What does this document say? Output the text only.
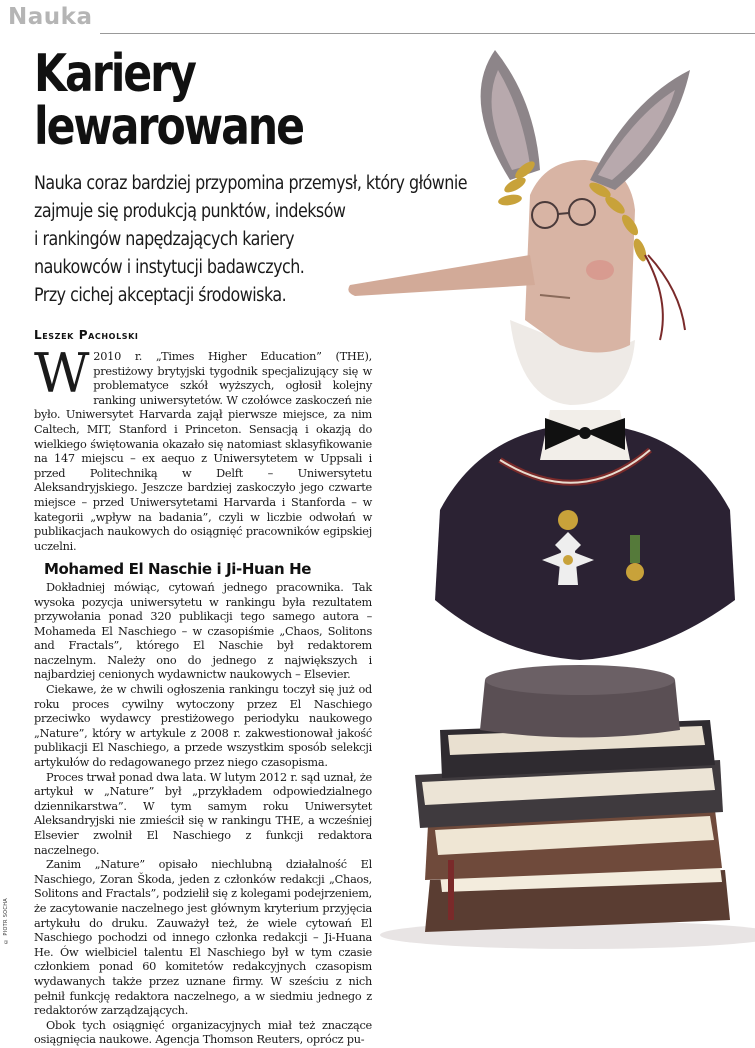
Nauka
Kariery
lewarowane
Nauka coraz bardziej przypomina przemysł, który głównie
zajmuje się produkcją punktów, indeksów
i rankingów napędzających kariery
naukowców i instytucji badawczych.
Przy cichej akceptacji środowiska.
Leszek Pacholski

W 2010 r. „Times Higher Education” (THE), prestiżowy brytyjski tygodnik specjalizujący się w problematyce szkół wyższych, ogłosił kolejny ranking uniwersytetów. W czołówce zaskoczeń nie było. Uniwersytet Harvarda zajął pierwsze miejsce, za nim Caltech, MIT, Stanford i Princeton. Sensacją i okazją do wielkiego świętowania okazało się natomiast sklasyfikowanie na 147 miejscu – ex aequo z Uniwersytetem w Uppsali i przed Politechniką w Delft – Uniwersytetu Aleksandryjskiego. Jeszcze bardziej zaskoczyło jego czwarte miejsce – przed Uniwersytetami Harvarda i Stanforda – w kategorii „wpływ na badania”, czyli w liczbie odwołań w publikacjach naukowych do osiągnięć pracowników egipskiej uczelni.

Mohamed El Naschie i Ji-Huan He

Dokładniej mówiąc, cytowań jednego pracownika. Tak wysoka pozycja uniwersytetu w rankingu była rezultatem przywołania ponad 320 publikacji tego samego autora – Mohameda El Naschiego – w czasopiśmie „Chaos, Solitons and Fractals”, którego El Naschie był redaktorem naczelnym. Należy ono do jednego z największych i najbardziej cenionych wydawnictw naukowych – Elsevier.

Ciekawe, że w chwili ogłoszenia rankingu toczył się już od roku proces cywilny wytoczony przez El Naschiego przeciwko wydawcy prestiżowego periodyku naukowego „Nature”, który w artykule z 2008 r. zakwestionował jakość publikacji El Naschiego, a przede wszystkim sposób selekcji artykułów do redagowanego przez niego czasopisma.

Proces trwał ponad dwa lata. W lutym 2012 r. sąd uznał, że artykuł w „Nature” był „przykładem odpowiedzialnego dziennikarstwa”. W tym samym roku Uniwersytet Aleksandryjski nie zmieścił się w rankingu THE, a wcześniej Elsevier zwolnił El Naschiego z funkcji redaktora naczelnego.

Zanim „Nature” opisało niechlubną działalność El Naschiego, Zoran Škoda, jeden z członków redakcji „Chaos, Solitons and Fractals”, podzielił się z kolegami podejrzeniem, że zacytowanie naczelnego jest głównym kryterium przyjęcia artykułu do druku. Zauważył też, że wiele cytowań El Naschiego pochodzi od innego członka redakcji – Ji-Huana He. Ów wielbiciel talentu El Naschiego był w tym czasie członkiem ponad 60 komitetów redakcyjnych czasopism wydawanych także przez uznane firmy. W sześciu z nich pełnił funkcję redaktora naczelnego, a w siedmiu jednego z redaktorów zarządzających.

Obok tych osiągnięć organizacyjnych miał też znaczące osiągnięcia naukowe. Agencja Thomson Reuters, oprócz pu-

© PIOTR SOCHA
